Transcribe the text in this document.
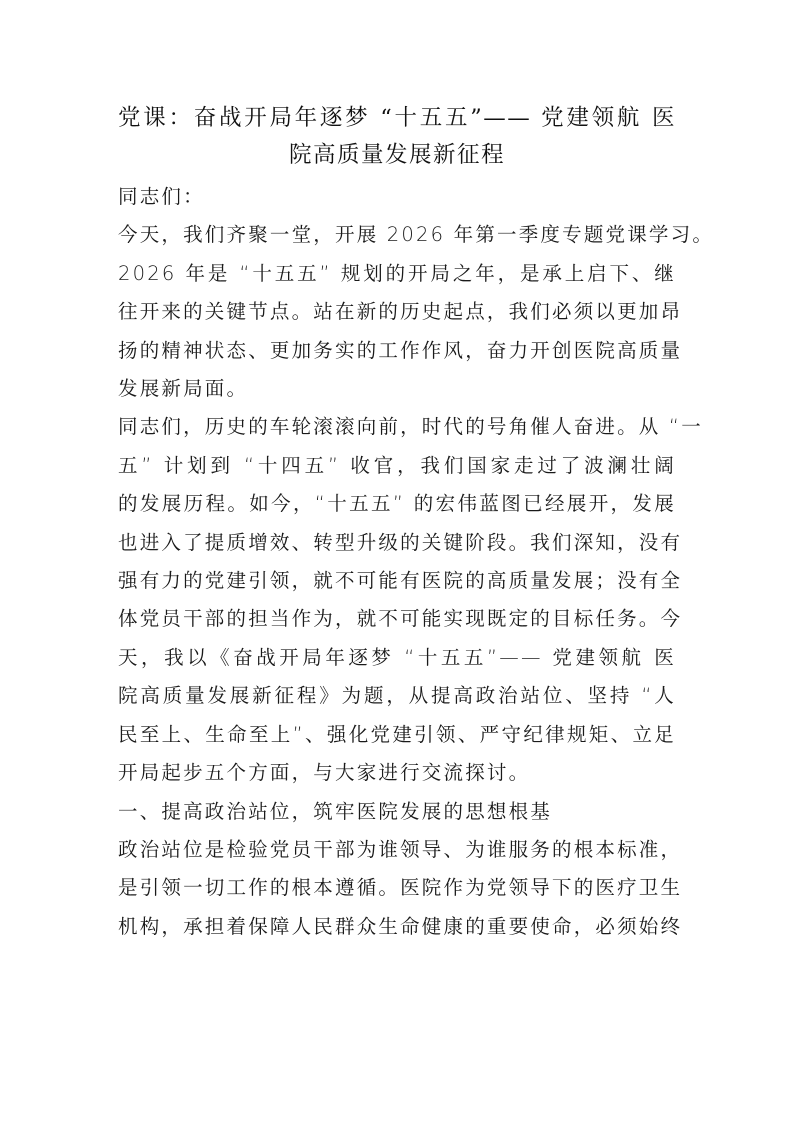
党课：奋战开局年逐梦 “十五五”—— 党建领航 医
院高质量发展新征程

同志们：

今天，我们齐聚一堂，开展 2026 年第一季度专题党课学习。
2026 年是 “十五五” 规划的开局之年，是承上启下、继
往开来的关键节点。站在新的历史起点，我们必须以更加昂
扬的精神状态、更加务实的工作作风，奋力开创医院高质量
发展新局面。

同志们，历史的车轮滚滚向前，时代的号角催人奋进。从 “一
五” 计划到 “十四五” 收官，我们国家走过了波澜壮阔
的发展历程。如今，“十五五” 的宏伟蓝图已经展开，发展
也进入了提质增效、转型升级的关键阶段。我们深知，没有
强有力的党建引领，就不可能有医院的高质量发展；没有全
体党员干部的担当作为，就不可能实现既定的目标任务。今
天，我以《奋战开局年逐梦 “十五五”—— 党建领航 医
院高质量发展新征程》为题，从提高政治站位、坚持 “人
民至上、生命至上”、强化党建引领、严守纪律规矩、立足
开局起步五个方面，与大家进行交流探讨。

一、提高政治站位，筑牢医院发展的思想根基

政治站位是检验党员干部为谁领导、为谁服务的根本标准，
是引领一切工作的根本遵循。医院作为党领导下的医疗卫生
机构，承担着保障人民群众生命健康的重要使命，必须始终
